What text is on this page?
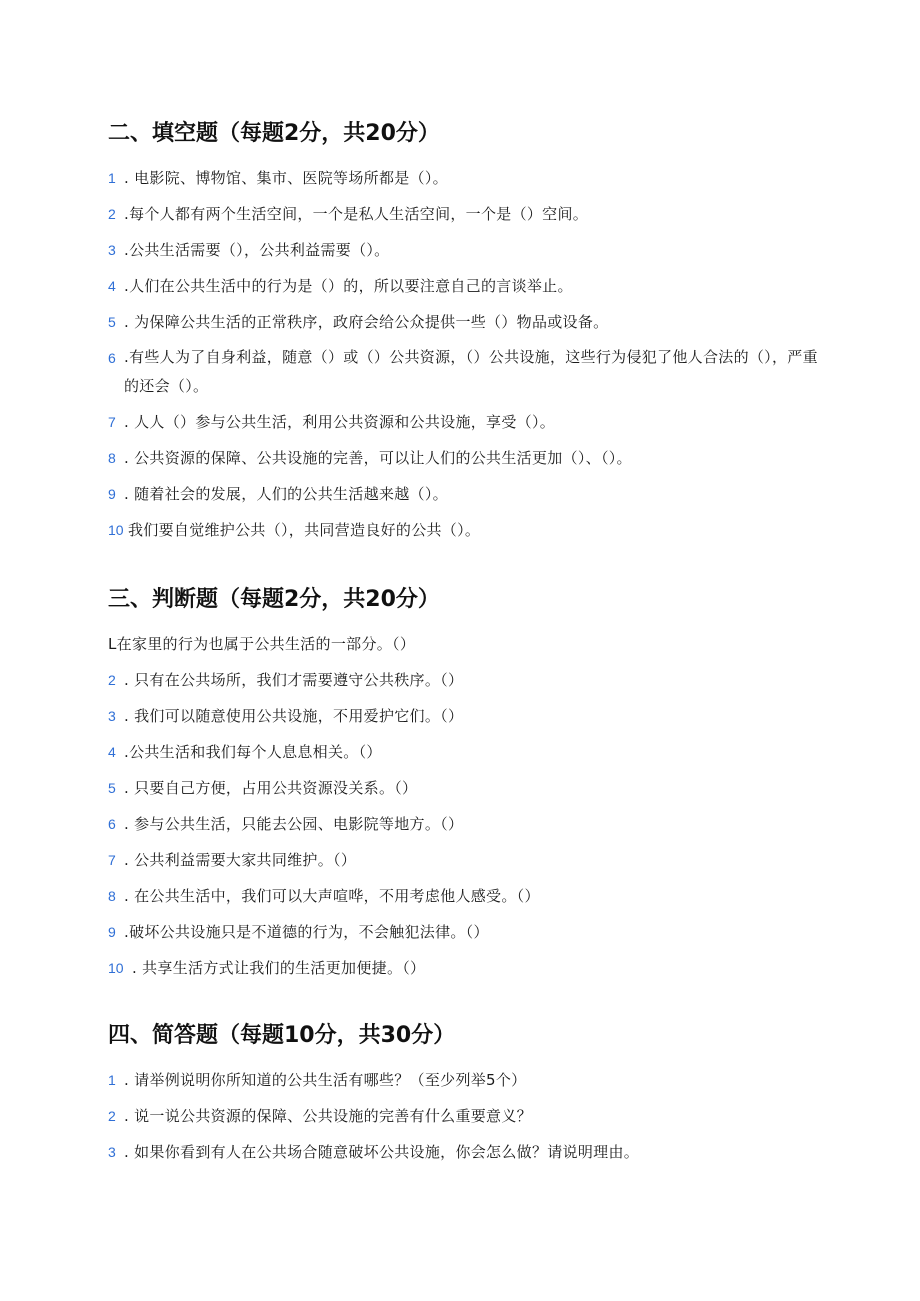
二、填空题（每题2分，共20分）
1 . 电影院、博物馆、集市、医院等场所都是（）。
2 .每个人都有两个生活空间，一个是私人生活空间，一个是（）空间。
3 .公共生活需要（），公共利益需要（）。
4 .人们在公共生活中的行为是（）的，所以要注意自己的言谈举止。
5 . 为保障公共生活的正常秩序，政府会给公众提供一些（）物品或设备。
6 .有些人为了自身利益，随意（）或（）公共资源，（）公共设施，这些行为侵犯了他人合法的（），严重的还会（）。
7 . 人人（）参与公共生活，利用公共资源和公共设施，享受（）。
8 . 公共资源的保障、公共设施的完善，可以让人们的公共生活更加（）、（）。
9 . 随着社会的发展，人们的公共生活越来越（）。
10 我们要自觉维护公共（），共同营造良好的公共（）。
三、判断题（每题2分，共20分）
L在家里的行为也属于公共生活的一部分。（）
2 . 只有在公共场所，我们才需要遵守公共秩序。（）
3 . 我们可以随意使用公共设施，不用爱护它们。（）
4 .公共生活和我们每个人息息相关。（）
5 . 只要自己方便，占用公共资源没关系。（）
6 . 参与公共生活，只能去公园、电影院等地方。（）
7 . 公共利益需要大家共同维护。（）
8 . 在公共生活中，我们可以大声喧哗，不用考虑他人感受。（）
9 .破坏公共设施只是不道德的行为，不会触犯法律。（）
10 . 共享生活方式让我们的生活更加便捷。（）
四、简答题（每题10分，共30分）
1 . 请举例说明你所知道的公共生活有哪些？（至少列举5个）
2 . 说一说公共资源的保障、公共设施的完善有什么重要意义？
3 . 如果你看到有人在公共场合随意破坏公共设施，你会怎么做？请说明理由。
